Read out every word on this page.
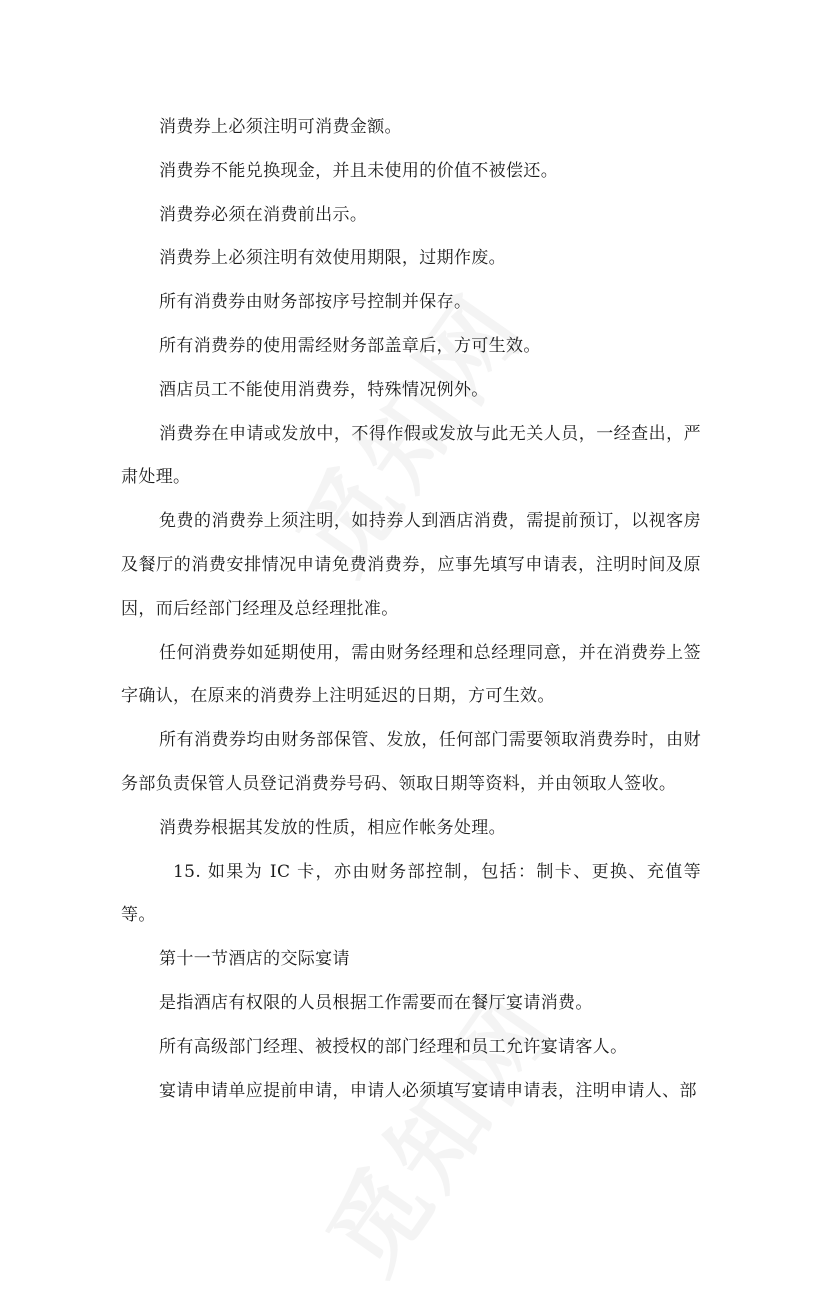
消费券上必须注明可消费金额。

消费券不能兑换现金，并且未使用的价值不被偿还。

消费券必须在消费前出示。

消费券上必须注明有效使用期限，过期作废。

所有消费券由财务部按序号控制并保存。

所有消费券的使用需经财务部盖章后，方可生效。

酒店员工不能使用消费券，特殊情况例外。

消费券在申请或发放中，不得作假或发放与此无关人员，一经查出，严肃处理。

免费的消费券上须注明，如持券人到酒店消费，需提前预订，以视客房及餐厅的消费安排情况申请免费消费券，应事先填写申请表，注明时间及原因，而后经部门经理及总经理批准。

任何消费券如延期使用，需由财务经理和总经理同意，并在消费券上签字确认，在原来的消费券上注明延迟的日期，方可生效。

所有消费券均由财务部保管、发放，任何部门需要领取消费券时，由财务部负责保管人员登记消费券号码、领取日期等资料，并由领取人签收。

消费券根据其发放的性质，相应作帐务处理。

15. 如果为 IC 卡，亦由财务部控制，包括：制卡、更换、充值等等。

第十一节酒店的交际宴请

是指酒店有权限的人员根据工作需要而在餐厅宴请消费。

所有高级部门经理、被授权的部门经理和员工允许宴请客人。

宴请申请单应提前申请，申请人必须填写宴请申请表，注明申请人、部
